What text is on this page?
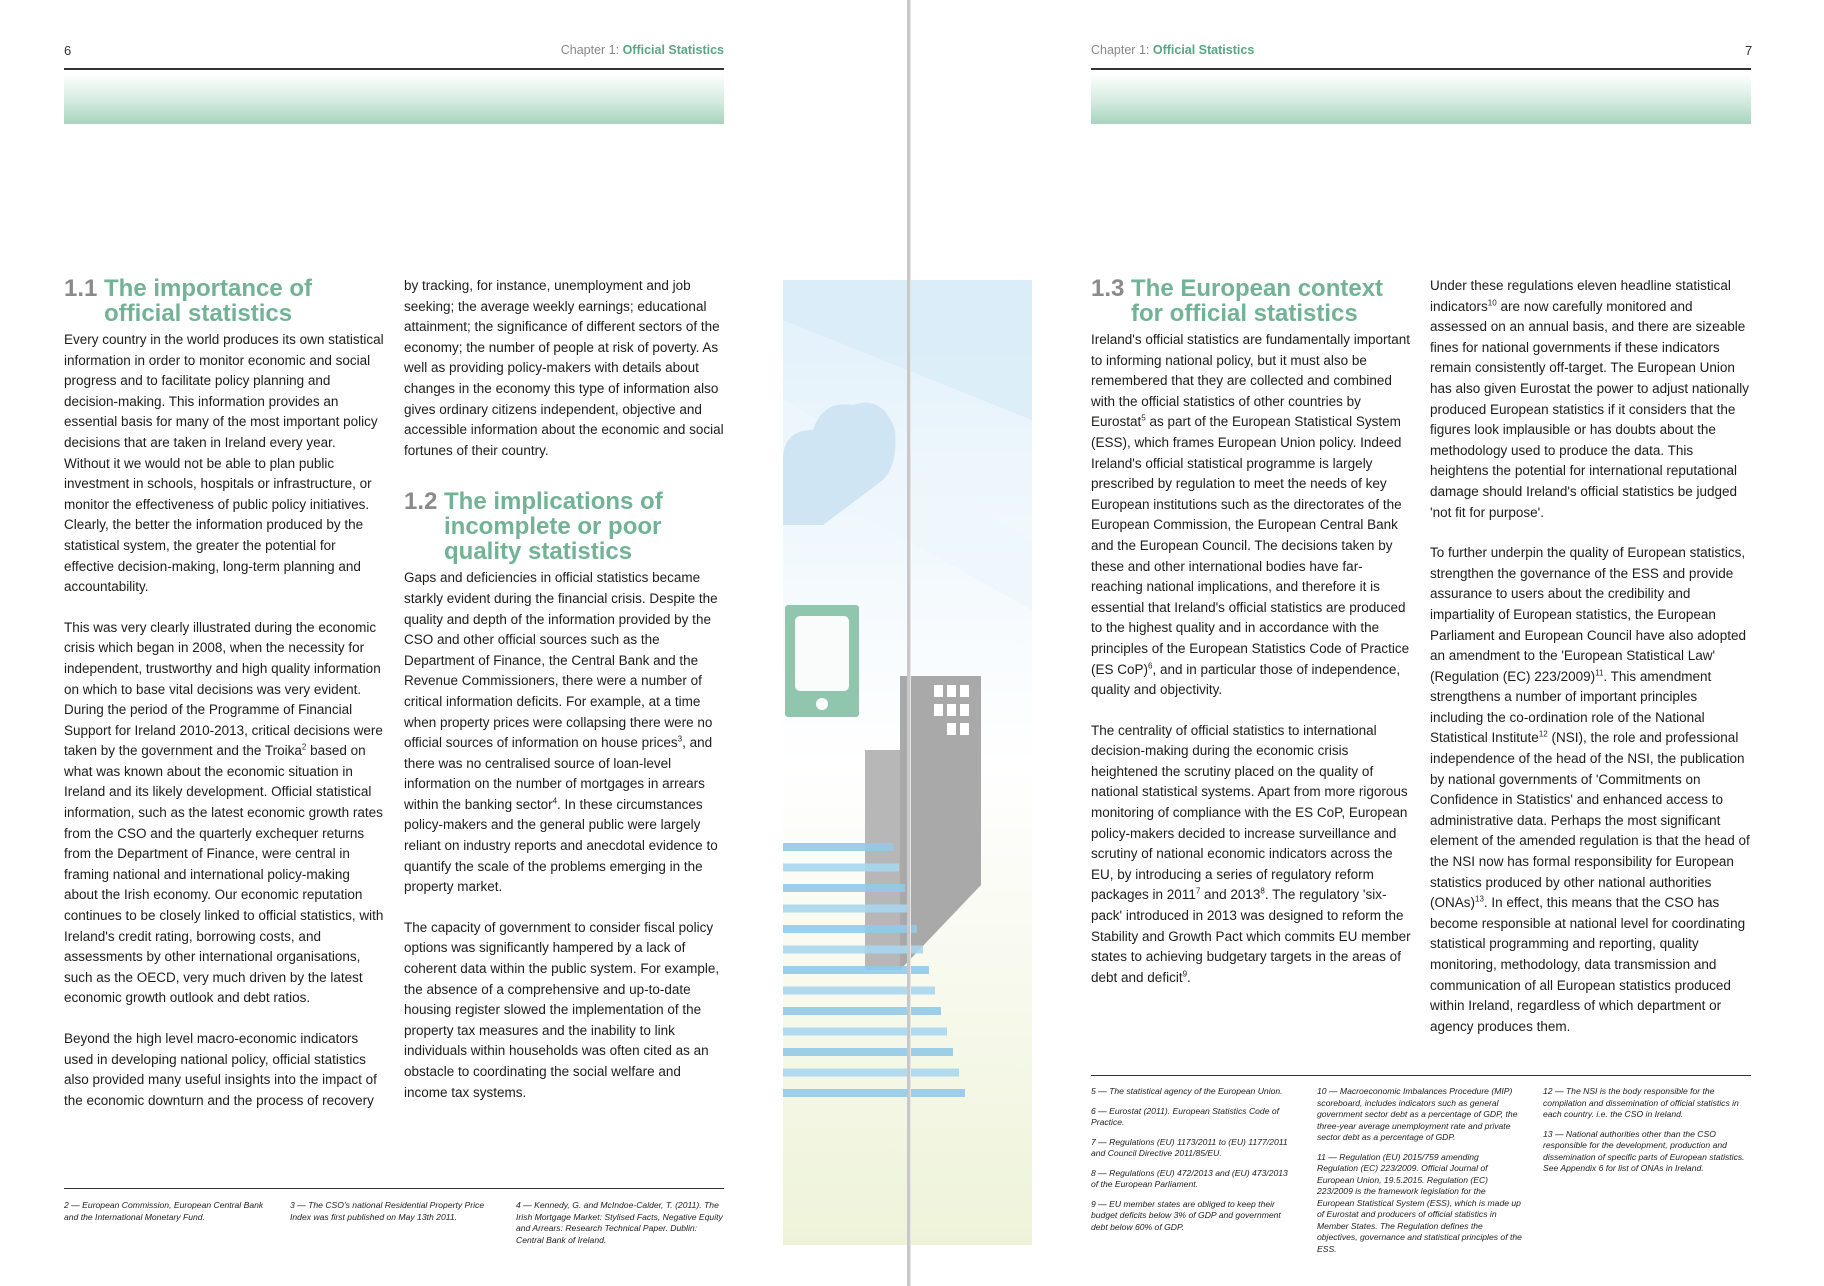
6	Chapter 1: Official Statistics
1.1 The importance of official statistics

Every country in the world produces its own statistical information in order to monitor economic and social progress and to facilitate policy planning and decision-making. This information provides an essential basis for many of the most important policy decisions that are taken in Ireland every year. Without it we would not be able to plan public investment in schools, hospitals or infrastructure, or monitor the effectiveness of public policy initiatives. Clearly, the better the information produced by the statistical system, the greater the potential for effective decision-making, long-term planning and accountability.

This was very clearly illustrated during the economic crisis which began in 2008, when the necessity for independent, trustworthy and high quality information on which to base vital decisions was very evident. During the period of the Programme of Financial Support for Ireland 2010-2013, critical decisions were taken by the government and the Troika$^2$ based on what was known about the economic situation in Ireland and its likely development. Official statistical information, such as the latest economic growth rates from the CSO and the quarterly exchequer returns from the Department of Finance, were central in framing national and international policy-making about the Irish economy. Our economic reputation continues to be closely linked to official statistics, with Ireland's credit rating, borrowing costs, and assessments by other international organisations, such as the OECD, very much driven by the latest economic growth outlook and debt ratios.

Beyond the high level macro-economic indicators used in developing national policy, official statistics also provided many useful insights into the impact of the economic downturn and the process of recovery

by tracking, for instance, unemployment and job seeking; the average weekly earnings; educational attainment; the significance of different sectors of the economy; the number of people at risk of poverty. As well as providing policy-makers with details about changes in the economy this type of information also gives ordinary citizens independent, objective and accessible information about the economic and social fortunes of their country.

1.2 The implications of incomplete or poor quality statistics

Gaps and deficiencies in official statistics became starkly evident during the financial crisis. Despite the quality and depth of the information provided by the CSO and other official sources such as the Department of Finance, the Central Bank and the Revenue Commissioners, there were a number of critical information deficits. For example, at a time when property prices were collapsing there were no official sources of information on house prices$^3$, and there was no centralised source of loan-level information on the number of mortgages in arrears within the banking sector$^4$. In these circumstances policy-makers and the general public were largely reliant on industry reports and anecdotal evidence to quantify the scale of the problems emerging in the property market.

The capacity of government to consider fiscal policy options was significantly hampered by a lack of coherent data within the public system. For example, the absence of a comprehensive and up-to-date housing register slowed the implementation of the property tax measures and the inability to link individuals within households was often cited as an obstacle to coordinating the social welfare and income tax systems.

2 — European Commission, European Central Bank and the International Monetary Fund.
3 — The CSO's national Residential Property Price Index was first published on May 13th 2011.
4 — Kennedy, G. and McIndoe-Calder, T. (2011). The Irish Mortgage Market: Stylised Facts, Negative Equity and Arrears: Research Technical Paper. Dublin: Central Bank of Ireland.
Chapter 1: Official Statistics	7
1.3 The European context for official statistics

Ireland's official statistics are fundamentally important to informing national policy, but it must also be remembered that they are collected and combined with the official statistics of other countries by Eurostat$^5$ as part of the European Statistical System (ESS), which frames European Union policy. Indeed Ireland's official statistical programme is largely prescribed by regulation to meet the needs of key European institutions such as the directorates of the European Commission, the European Central Bank and the European Council. The decisions taken by these and other international bodies have far-reaching national implications, and therefore it is essential that Ireland's official statistics are produced to the highest quality and in accordance with the principles of the European Statistics Code of Practice (ES CoP)$^6$, and in particular those of independence, quality and objectivity.

The centrality of official statistics to international decision-making during the economic crisis heightened the scrutiny placed on the quality of national statistical systems. Apart from more rigorous monitoring of compliance with the ES CoP, European policy-makers decided to increase surveillance and scrutiny of national economic indicators across the EU, by introducing a series of regulatory reform packages in 2011$^7$ and 2013$^8$. The regulatory 'six-pack' introduced in 2013 was designed to reform the Stability and Growth Pact which commits EU member states to achieving budgetary targets in the areas of debt and deficit$^9$.

Under these regulations eleven headline statistical indicators$^{10}$ are now carefully monitored and assessed on an annual basis, and there are sizeable fines for national governments if these indicators remain consistently off-target. The European Union has also given Eurostat the power to adjust nationally produced European statistics if it considers that the figures look implausible or has doubts about the methodology used to produce the data. This heightens the potential for international reputational damage should Ireland's official statistics be judged 'not fit for purpose'.

To further underpin the quality of European statistics, strengthen the governance of the ESS and provide assurance to users about the credibility and impartiality of European statistics, the European Parliament and European Council have also adopted an amendment to the 'European Statistical Law' (Regulation (EC) 223/2009)$^{11}$. This amendment strengthens a number of important principles including the co-ordination role of the National Statistical Institute$^{12}$ (NSI), the role and professional independence of the head of the NSI, the publication by national governments of 'Commitments on Confidence in Statistics' and enhanced access to administrative data. Perhaps the most significant element of the amended regulation is that the head of the NSI now has formal responsibility for European statistics produced by other national authorities (ONAs)$^{13}$. In effect, this means that the CSO has become responsible at national level for coordinating statistical programming and reporting, quality monitoring, methodology, data transmission and communication of all European statistics produced within Ireland, regardless of which department or agency produces them.

5 — The statistical agency of the European Union.

6 — Eurostat (2011). European Statistics Code of Practice.

7 — Regulations (EU) 1173/2011 to (EU) 1177/2011 and Council Directive 2011/85/EU.

8 — Regulations (EU) 472/2013 and (EU) 473/2013 of the European Parliament.

9 — EU member states are obliged to keep their budget deficits below 3% of GDP and government debt below 60% of GDP.

10 — Macroeconomic Imbalances Procedure (MIP) scoreboard, includes indicators such as general government sector debt as a percentage of GDP, the three-year average unemployment rate and private sector debt as a percentage of GDP.

11 — Regulation (EU) 2015/759 amending Regulation (EC) 223/2009. Official Journal of European Union, 19.5.2015. Regulation (EC) 223/2009 is the framework legislation for the European Statistical System (ESS), which is made up of Eurostat and producers of official statistics in Member States. The Regulation defines the objectives, governance and statistical principles of the ESS.

12 — The NSI is the body responsible for the compilation and dissemination of official statistics in each country. i.e. the CSO in Ireland.

13 — National authorities other than the CSO responsible for the development, production and dissemination of specific parts of European statistics. See Appendix 6 for list of ONAs in Ireland.
